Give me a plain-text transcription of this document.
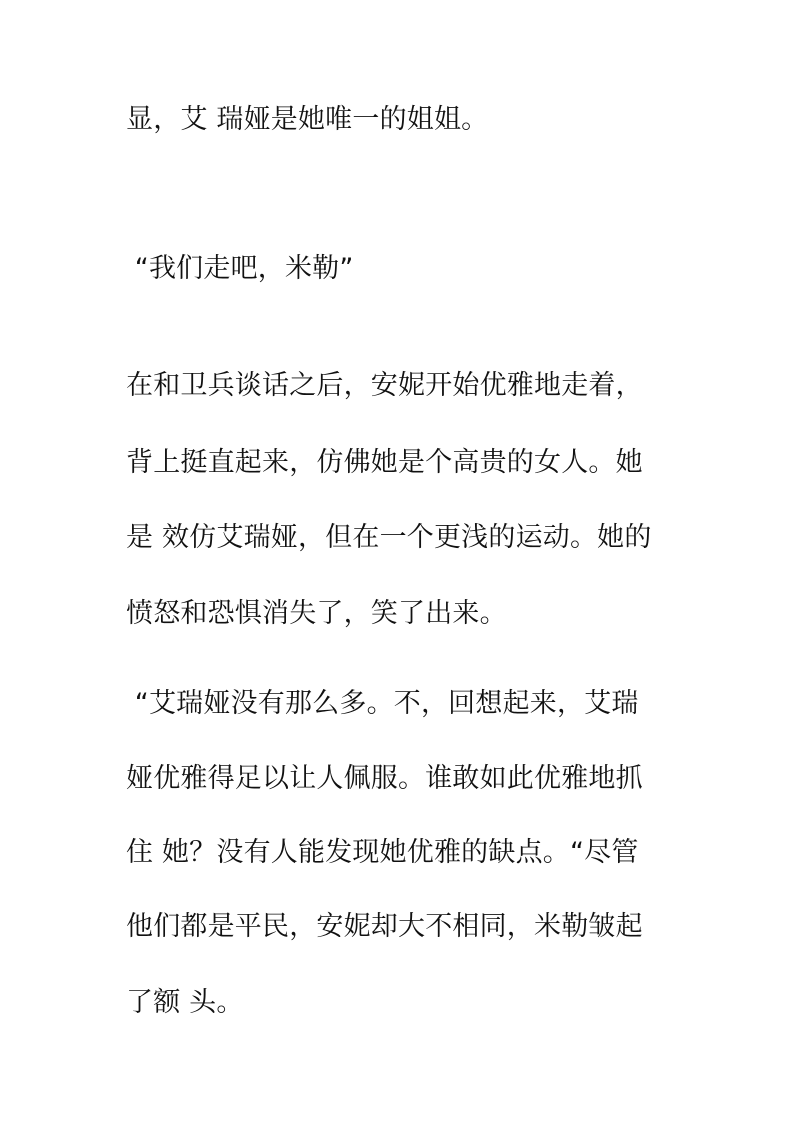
显，艾 瑞娅是她唯一的姐姐。
“我们走吧，米勒”
在和卫兵谈话之后，安妮开始优雅地走着，
背上挺直起来，仿佛她是个高贵的女人。她
是 效仿艾瑞娅，但在一个更浅的运动。她的
愤怒和恐惧消失了，笑了出来。
“艾瑞娅没有那么多。不，回想起来，艾瑞
娅优雅得足以让人佩服。谁敢如此优雅地抓
住 她？没有人能发现她优雅的缺点。“尽管
他们都是平民，安妮却大不相同，米勒皱起
了额 头。
